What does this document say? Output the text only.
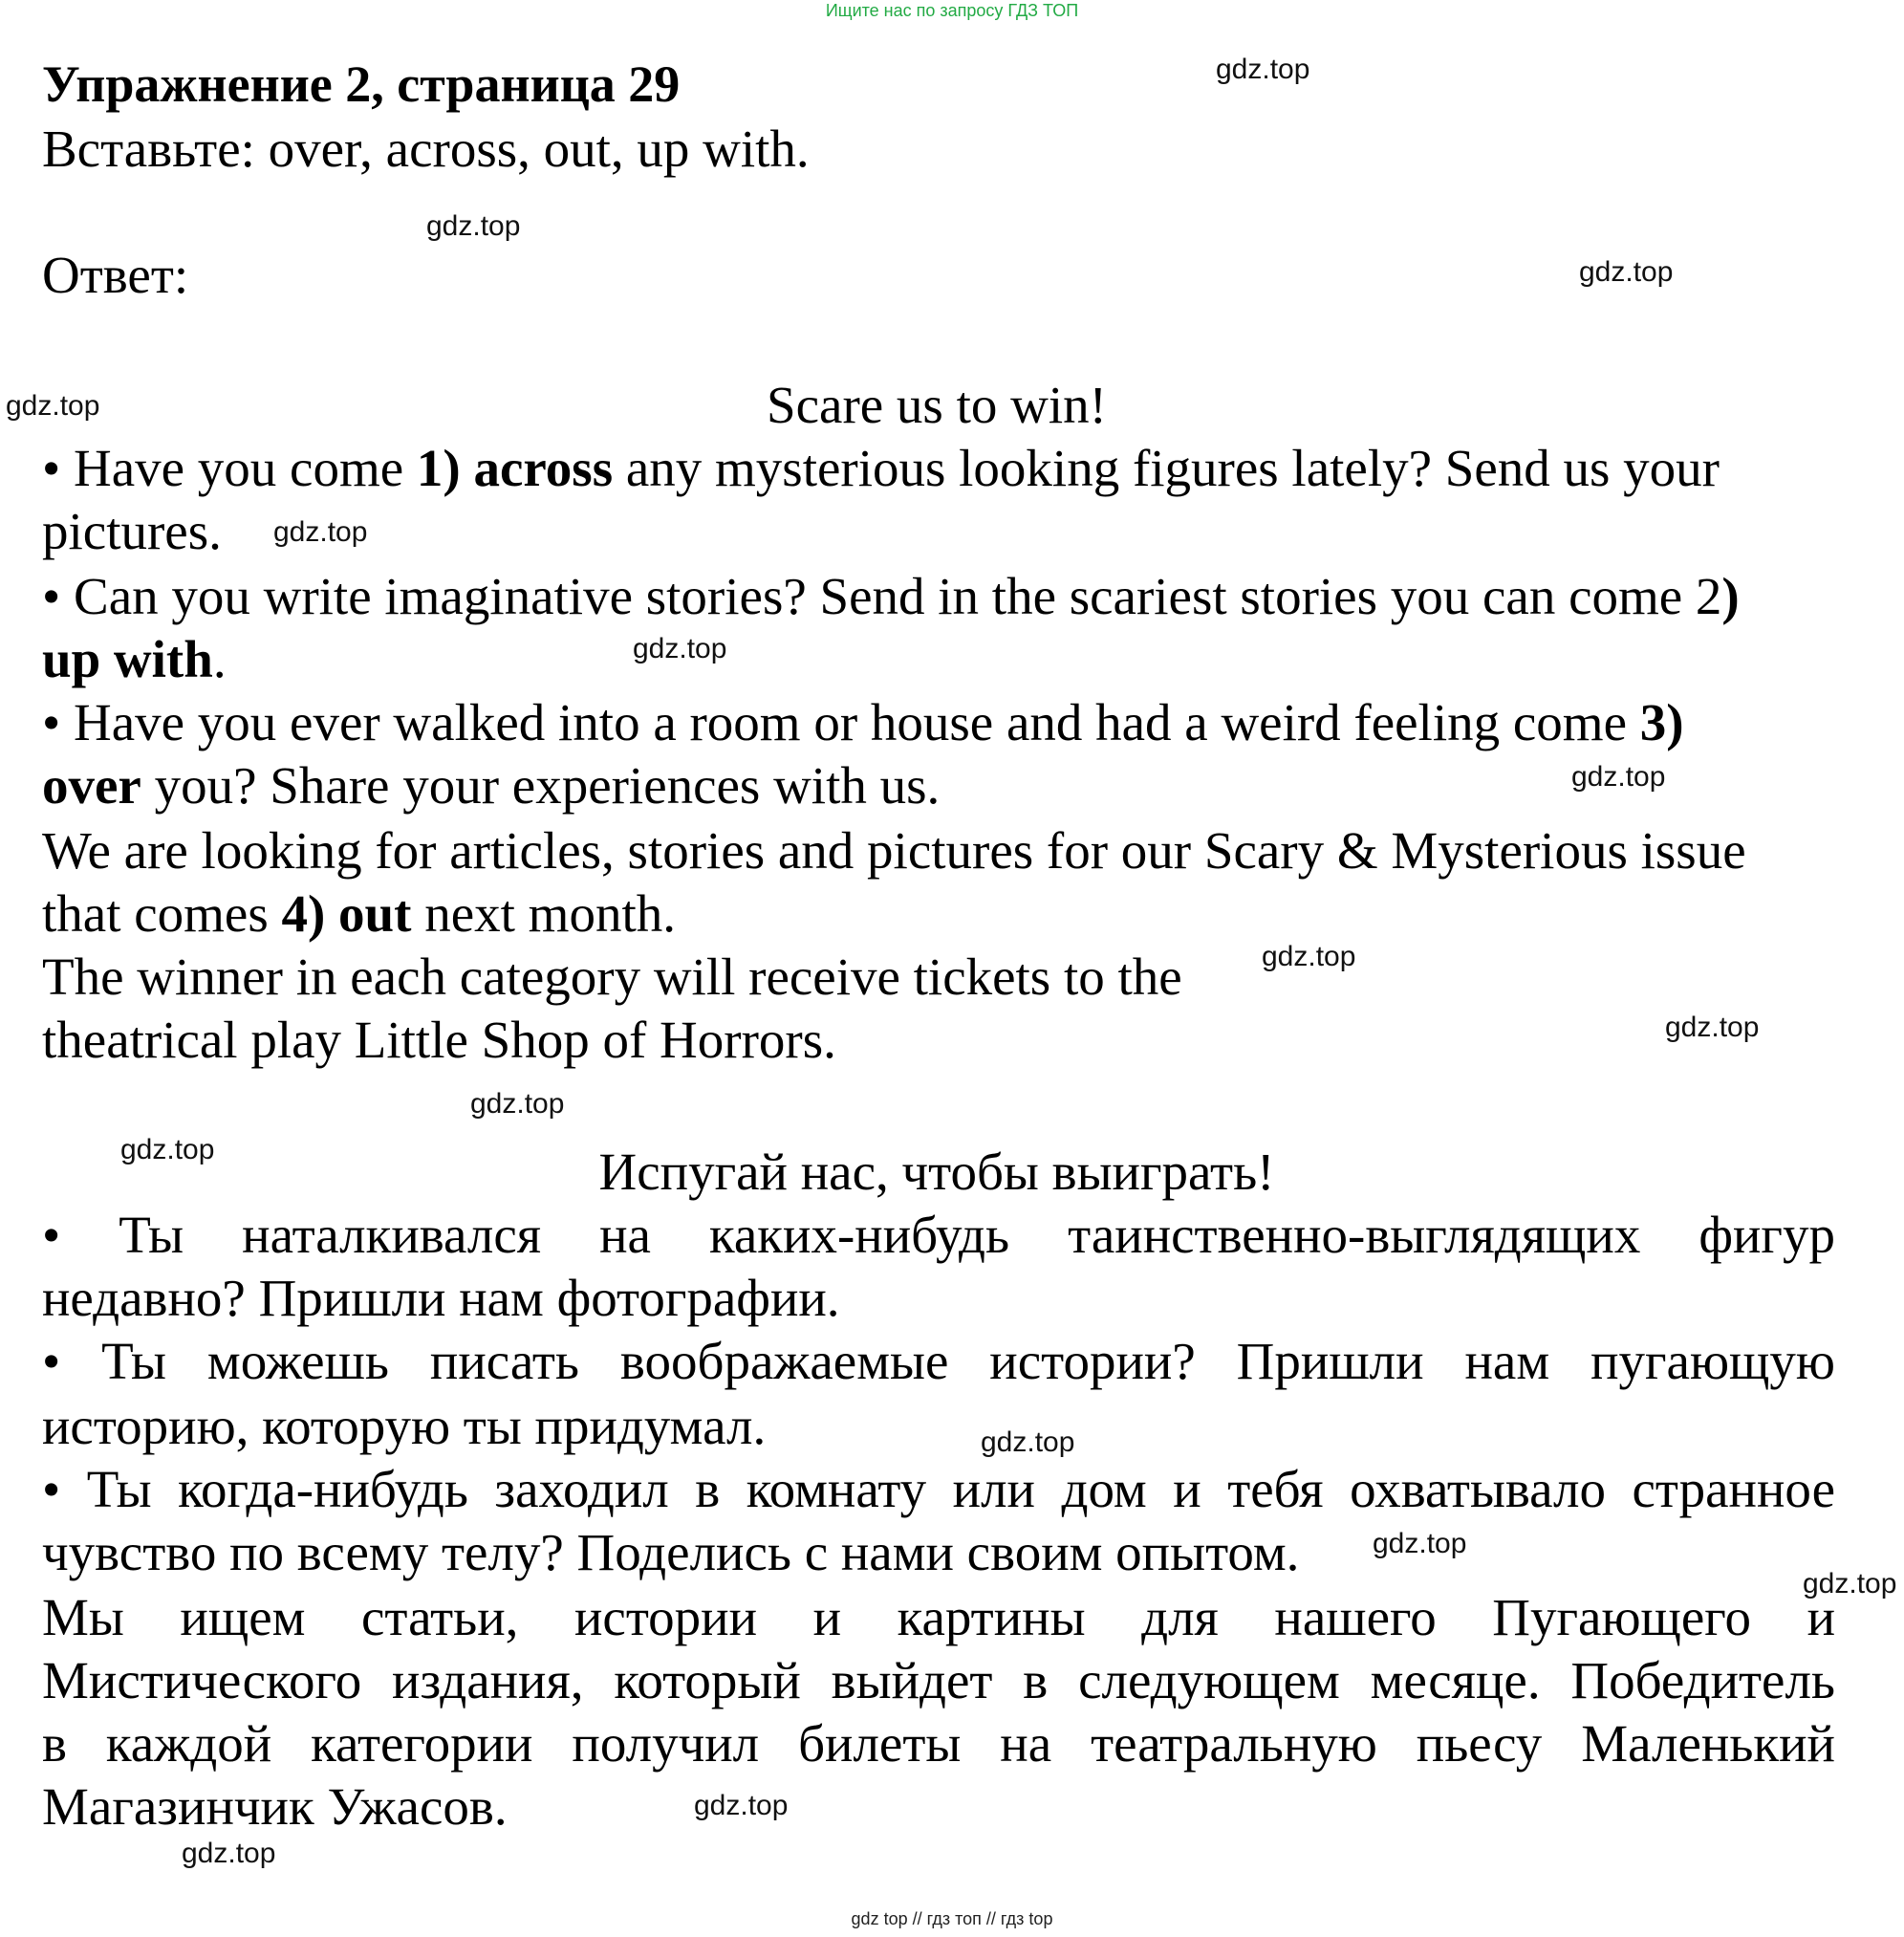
Ищите нас по запросу ГДЗ ТОП
Упражнение 2, страница 29
Вставьте: over, across, out, up with.
Ответ:
Scare us to win!
• Have you come 1) across any mysterious looking figures lately? Send us your
pictures.
• Can you write imaginative stories? Send in the scariest stories you can come 2)
up with.
• Have you ever walked into a room or house and had a weird feeling come 3)
over you? Share your experiences with us.
We are looking for articles, stories and pictures for our Scary & Mysterious issue
that comes 4) out next month.
The winner in each category will receive tickets to the
theatrical play Little Shop of Horrors.
Испугай нас, чтобы выиграть!
• Ты наталкивался на каких-нибудь таинственно-выглядящих фигур
недавно? Пришли нам фотографии.
• Ты можешь писать воображаемые истории? Пришли нам пугающую
историю, которую ты придумал.
• Ты когда-нибудь заходил в комнату или дом и тебя охватывало странное
чувство по всему телу? Поделись с нами своим опытом.
Мы ищем статьи, истории и картины для нашего Пугающего и
Мистического издания, который выйдет в следующем месяце. Победитель
в каждой категории получил билеты на театральную пьесу Маленький
Магазинчик Ужасов.
gdz.top
gdz.top
gdz.top
gdz.top
gdz.top
gdz.top
gdz.top
gdz.top
gdz.top
gdz.top
gdz.top
gdz.top
gdz.top
gdz.top
gdz.top
gdz.top
gdz top // гдз топ // гдз top
